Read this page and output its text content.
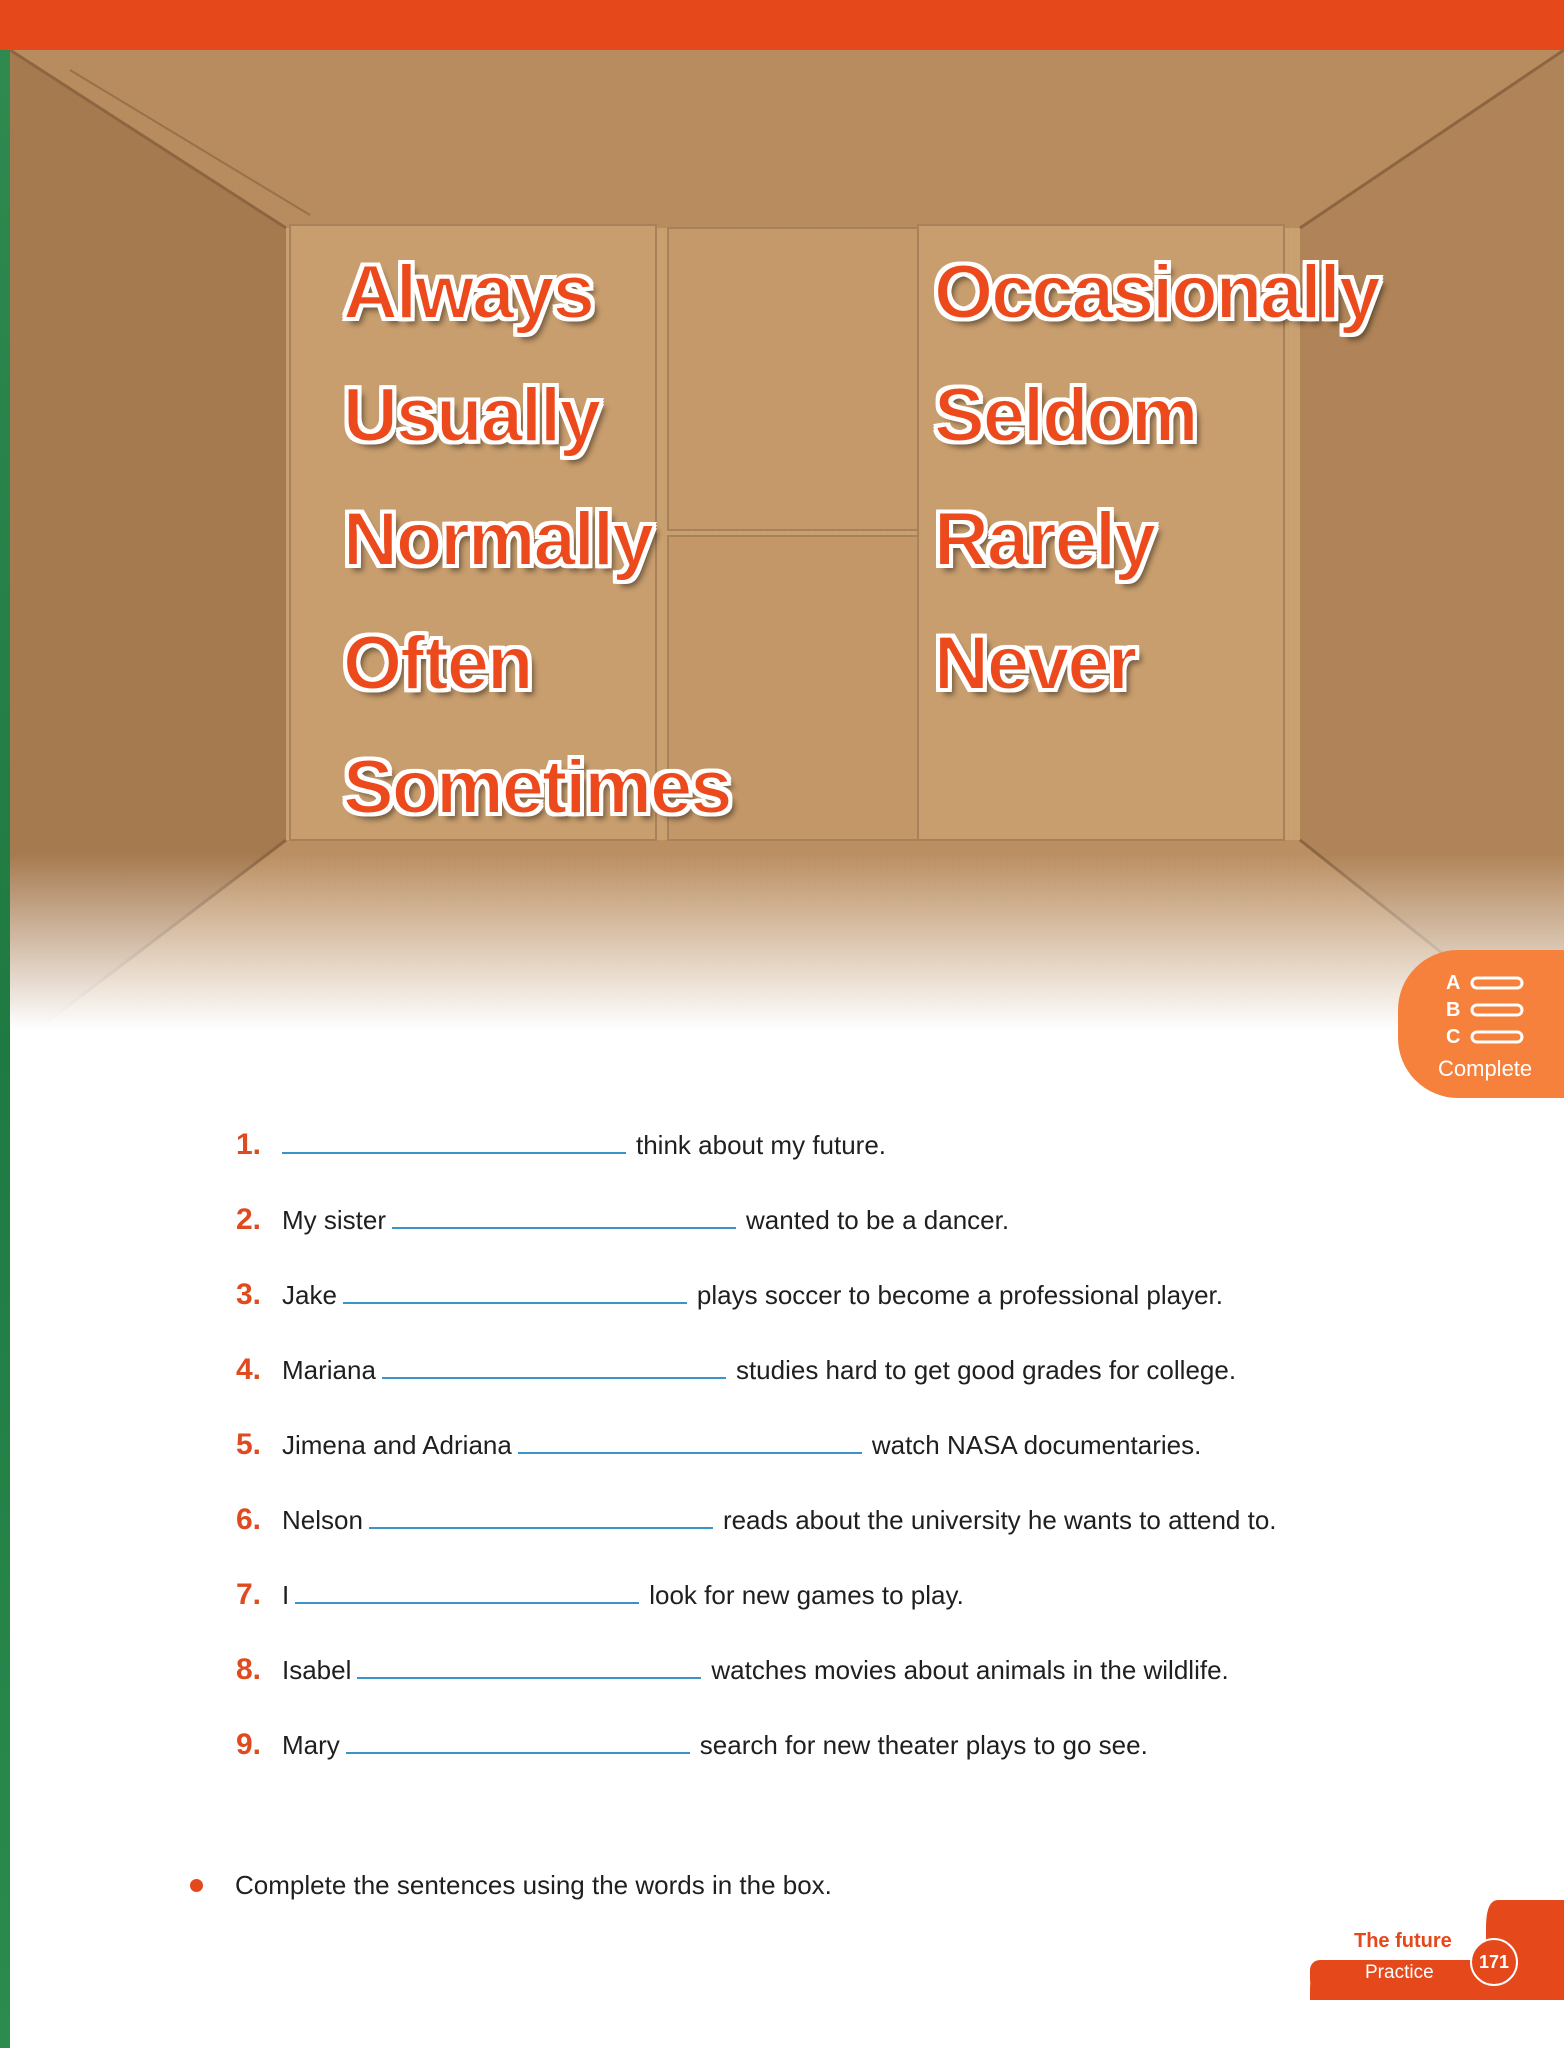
Always

Usually

Normally

Often

Sometimes

Occasionally

Seldom

Rarely

Never

A
B
C
Complete
1.	think about my future.
2. My sister	wanted to be a dancer.
3. Jake	plays soccer to become a professional player.
4. Mariana	studies hard to get good grades for college.
5. Jimena and Adriana	watch NASA documentaries.
6. Nelson	reads about the university he wants to attend to.
7. I	look for new games to play.
8. Isabel	watches movies about animals in the wildlife.
9. Mary	search for new theater plays to go see.
Complete the sentences using the words in the box.
The future
Practice	171
